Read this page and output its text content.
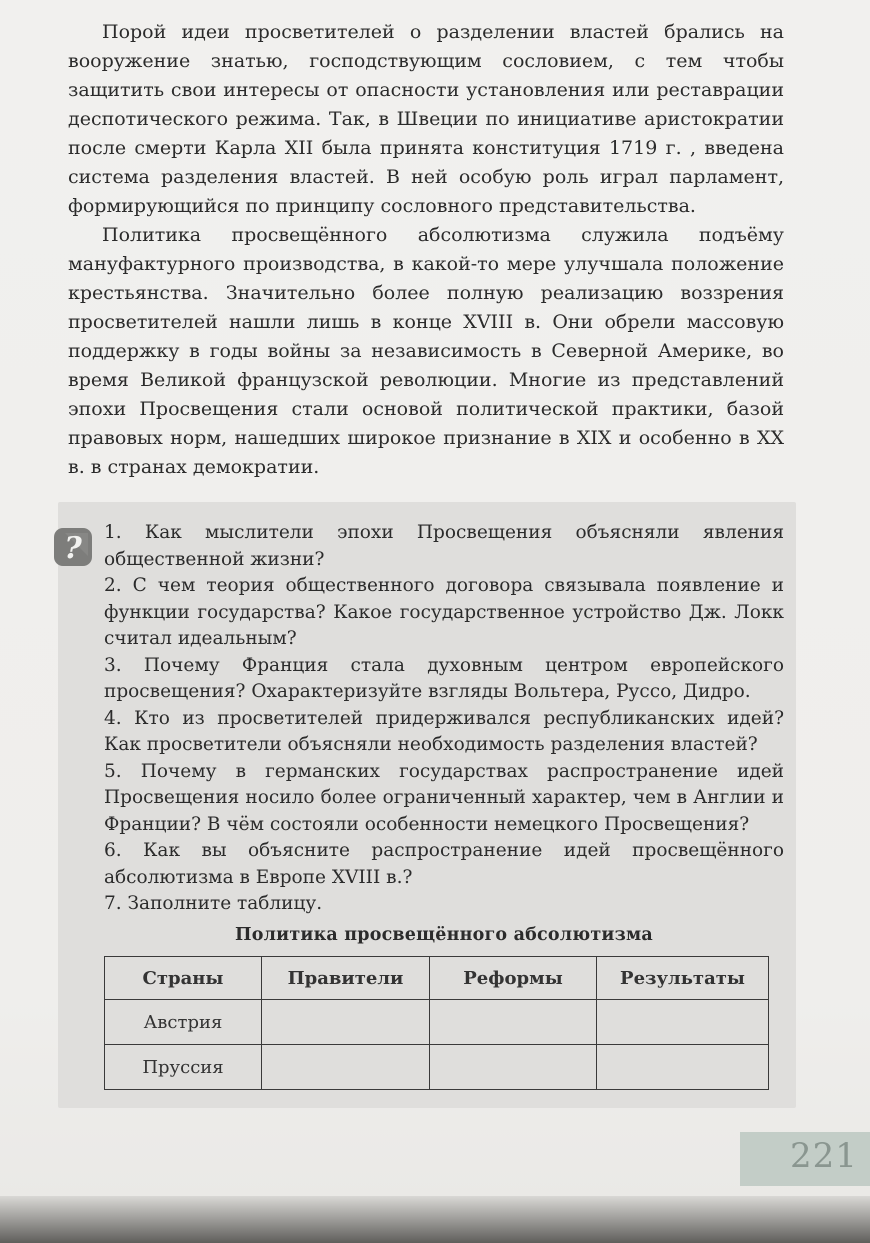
Порой идеи просветителей о разделении властей брались на вооружение знатью, господствующим сословием, с тем чтобы защитить свои интересы от опасности установления или реставрации деспотического режима. Так, в Швеции по инициативе аристократии после смерти Карла XII была принята конституция 1719 г. , введена система разделения властей. В ней особую роль играл парламент, формирующийся по принципу сословного представительства.

Политика просвещённого абсолютизма служила подъёму мануфактурного производства, в какой-то мере улучшала положение крестьянства. Значительно более полную реализацию воззрения просветителей нашли лишь в конце XVIII в. Они обрели массовую поддержку в годы войны за независимость в Северной Америке, во время Великой французской революции. Многие из представлений эпохи Просвещения стали основой политической практики, базой правовых норм, нашедших широкое признание в XIX и особенно в XX в. в странах демократии.

? 1. Как мыслители эпохи Просвещения объясняли явления общественной жизни?
2. С чем теория общественного договора связывала появление и функции государства? Какое государственное устройство Дж. Локк считал идеальным?
3. Почему Франция стала духовным центром европейского просвещения? Охарактеризуйте взгляды Вольтера, Руссо, Дидро.
4. Кто из просветителей придерживался республиканских идей? Как просветители объясняли необходимость разделения властей?
5. Почему в германских государствах распространение идей Просвещения носило более ограниченный характер, чем в Англии и Франции? В чём состояли особенности немецкого Просвещения?
6. Как вы объясните распространение идей просвещённого абсолютизма в Европе XVIII в.?
7. Заполните таблицу.
Политика просвещённого абсолютизма
Страны	Правители	Реформы	Результаты
Австрия			
Пруссия			
221
